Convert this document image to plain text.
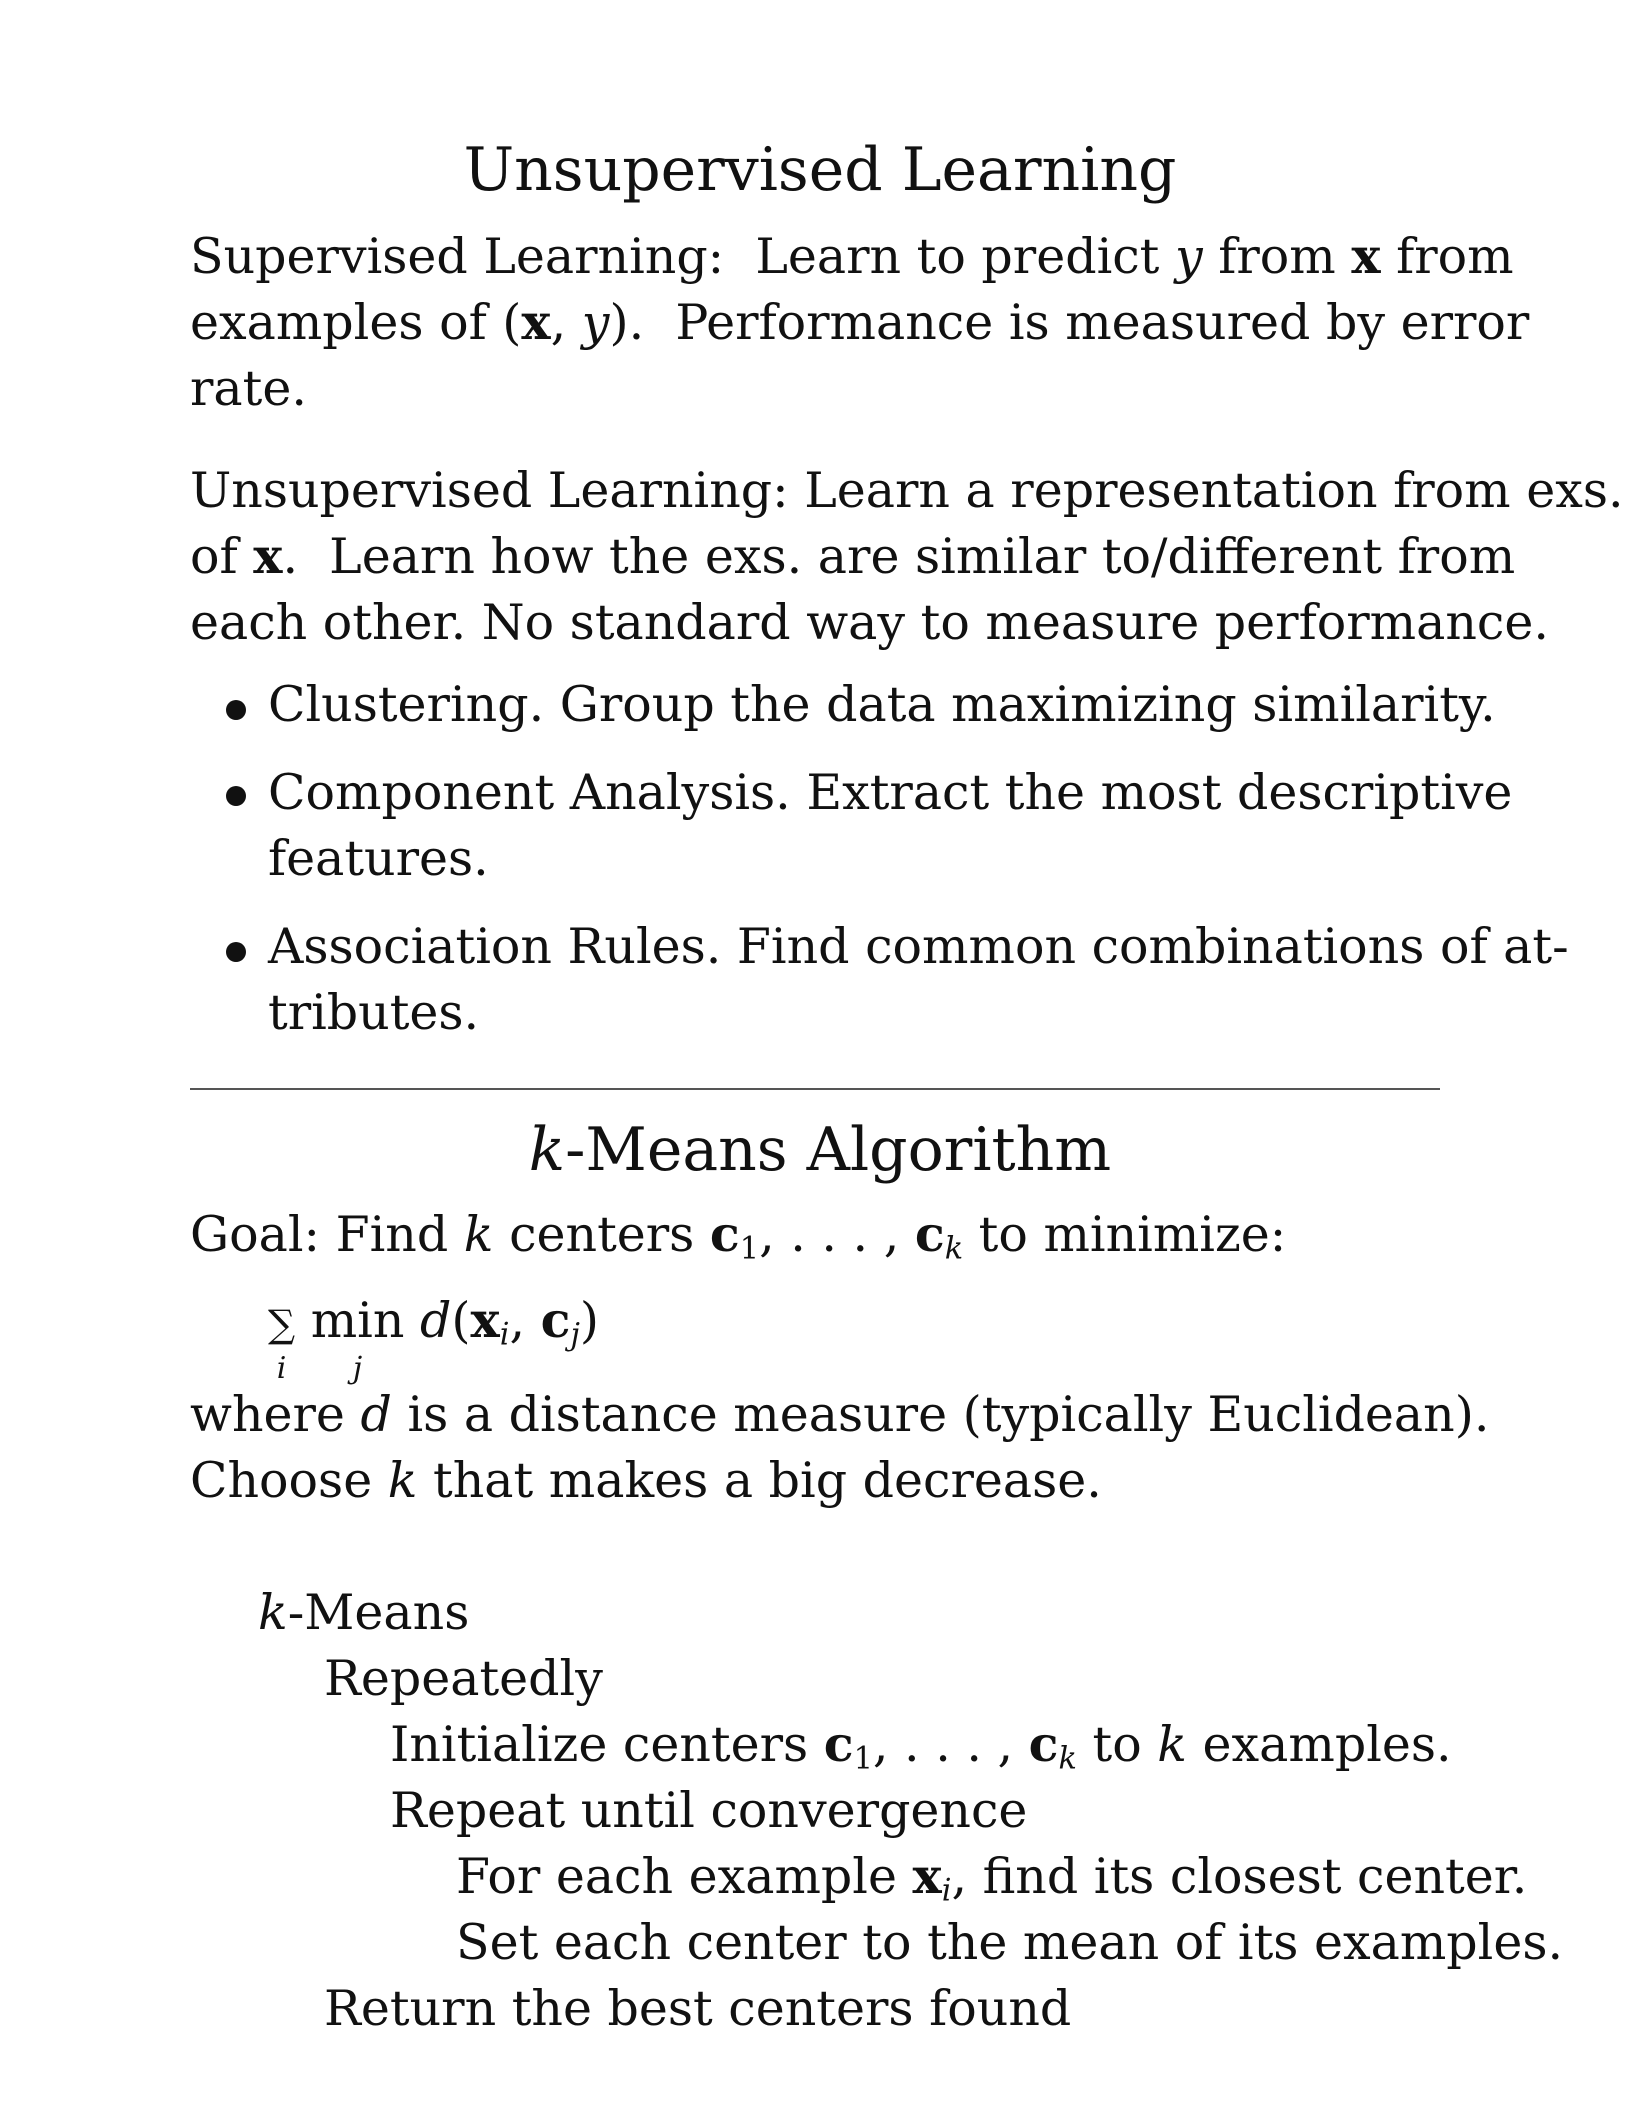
Unsupervised Learning
Supervised Learning:  Learn to predict y from x from
examples of (x, y).  Performance is measured by error
rate.
Unsupervised Learning: Learn a representation from exs.
of x.  Learn how the exs. are similar to/different from
each other. No standard way to measure performance.
Clustering. Group the data maximizing similarity.
Component Analysis. Extract the most descriptive
features.
Association Rules. Find common combinations of at-
tributes.
k-Means Algorithm
Goal: Find k centers $c_1$, . . . , $c_k$ to minimize:
∑
i
min
j
$d(x_i$, $c_j$)
where d is a distance measure (typically Euclidean).
Choose k that makes a big decrease.
k-Means
Repeatedly
Initialize centers $c_1$, . . . , $c_k$ to k examples.
Repeat until convergence
For each example $x_i$, find its closest center.
Set each center to the mean of its examples.
Return the best centers found
